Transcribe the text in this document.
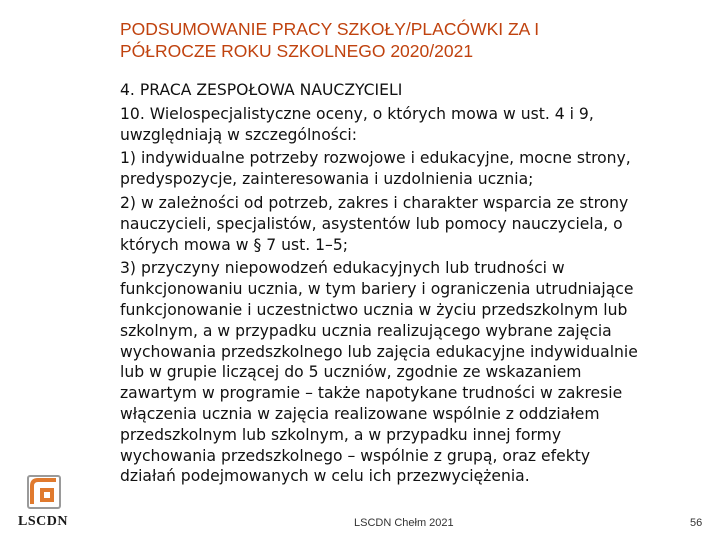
PODSUMOWANIE PRACY SZKOŁY/PLACÓWKI ZA I
PÓŁROCZE ROKU SZKOLNEGO 2020/2021

4. PRACA ZESPOŁOWA NAUCZYCIELI

10. Wielospecjalistyczne oceny, o których mowa w ust. 4 i 9,

uwzględniają w szczególności:

1) indywidualne potrzeby rozwojowe i edukacyjne, mocne strony,

predyspozycje, zainteresowania i uzdolnienia ucznia;

2) w zależności od potrzeb, zakres i charakter wsparcia ze strony

nauczycieli, specjalistów, asystentów lub pomocy nauczyciela, o

których mowa w § 7 ust. 1–5;

3) przyczyny niepowodzeń edukacyjnych lub trudności w

funkcjonowaniu ucznia, w tym bariery i ograniczenia utrudniające

funkcjonowanie i uczestnictwo ucznia w życiu przedszkolnym lub

szkolnym, a w przypadku ucznia realizującego wybrane zajęcia

wychowania przedszkolnego lub zajęcia edukacyjne indywidualnie

lub w grupie liczącej do 5 uczniów, zgodnie ze wskazaniem

zawartym w programie – także napotykane trudności w zakresie

włączenia ucznia w zajęcia realizowane wspólnie z oddziałem

przedszkolnym lub szkolnym, a w przypadku innej formy

wychowania przedszkolnego – wspólnie z grupą, oraz efekty

działań podejmowanych w celu ich przezwyciężenia.

LSCDN	LSCDN Chełm 2021	56
